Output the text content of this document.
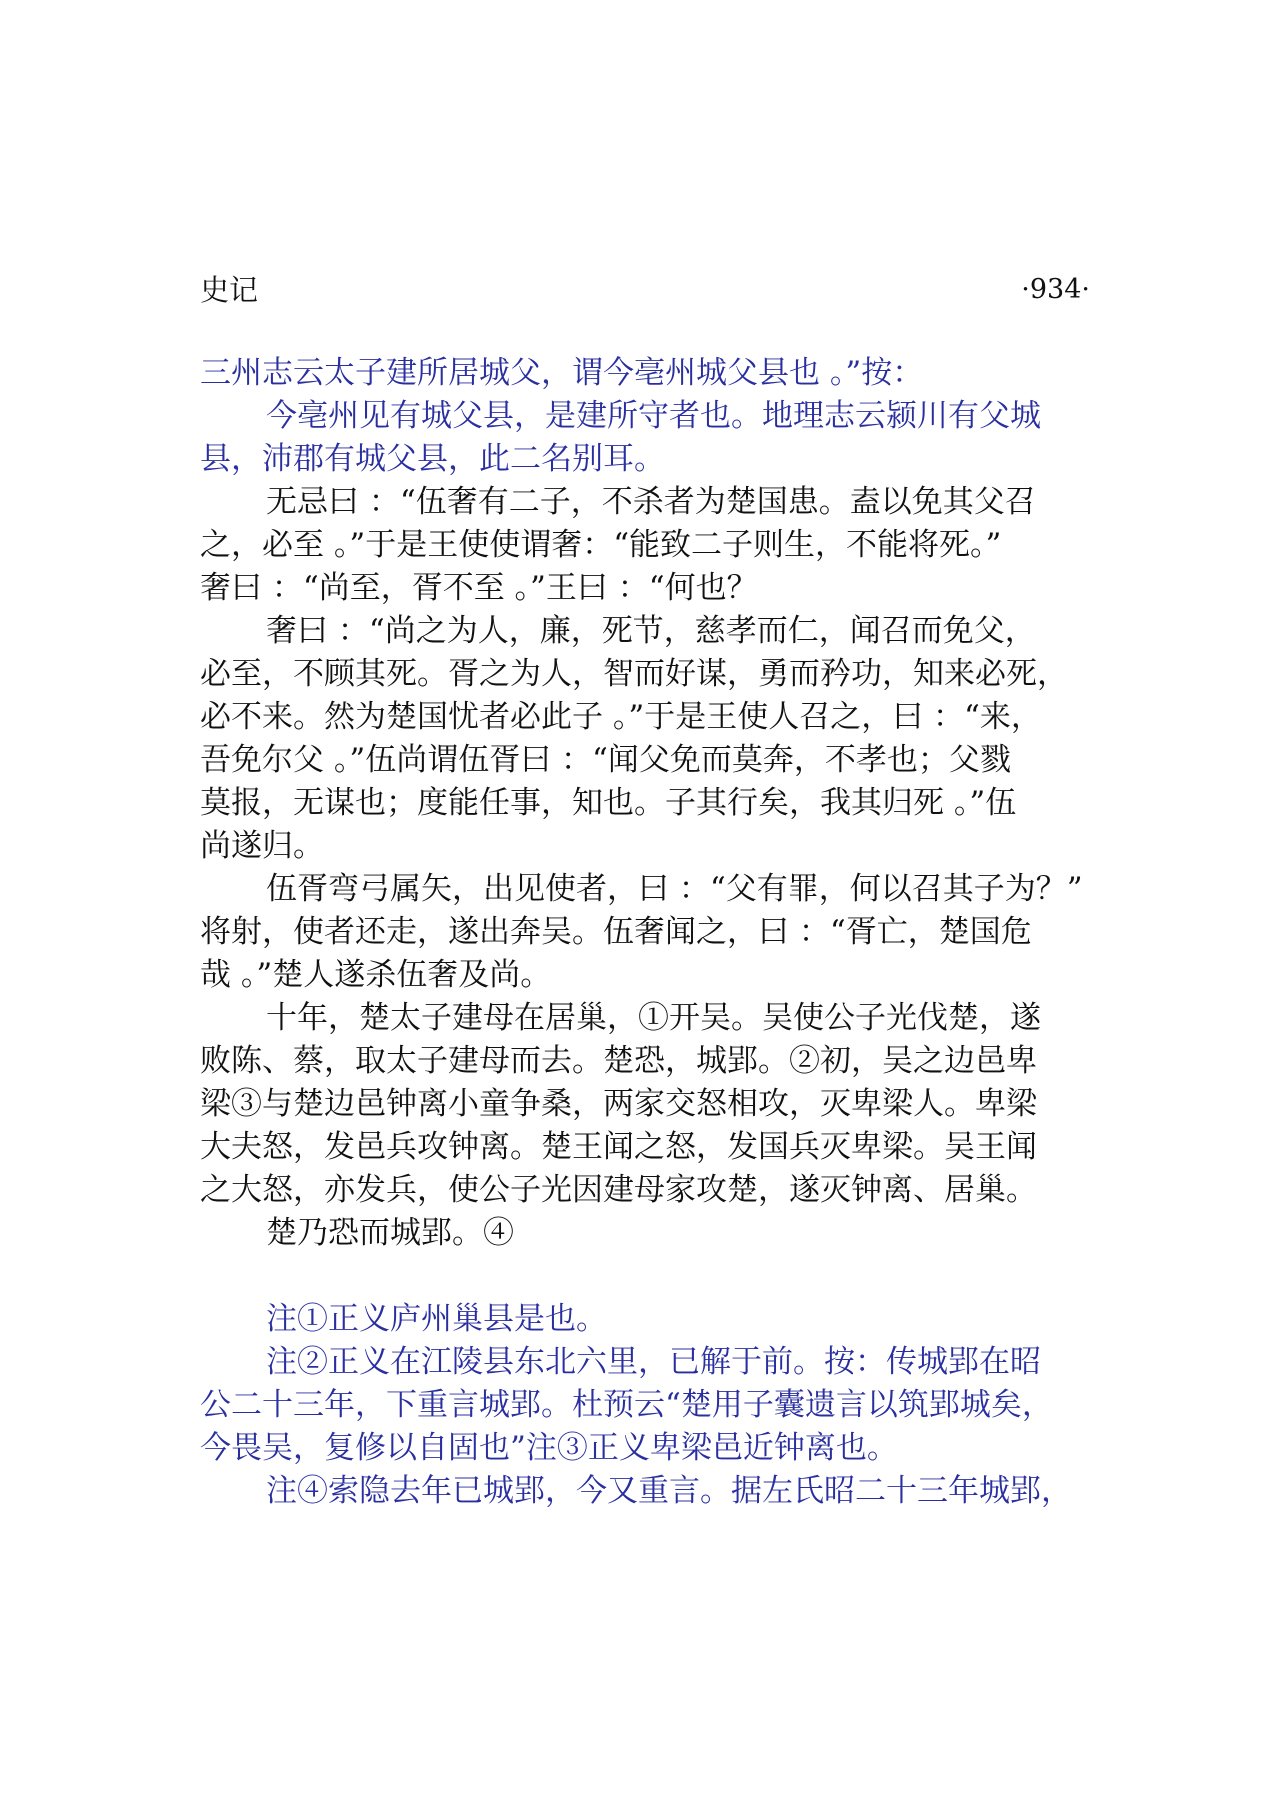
史记	·934·
三州志云太子建所居城父，谓今亳州城父县也 。”按：
今亳州见有城父县，是建所守者也。地理志云颍川有父城
县，沛郡有城父县，此二名别耳。
无忌曰 ：“伍奢有二子，不杀者为楚国患。盍以免其父召
之，必至 。”于是王使使谓奢：“能致二子则生，不能将死。”
奢曰 ：“尚至，胥不至 。”王曰 ：“何也？
奢曰 ：“尚之为人，廉，死节，慈孝而仁，闻召而免父，
必至，不顾其死。胥之为人，智而好谋，勇而矜功，知来必死，
必不来。然为楚国忧者必此子 。”于是王使人召之，曰 ：“来，
吾免尔父 。”伍尚谓伍胥曰 ：“闻父免而莫奔，不孝也；父戮
莫报，无谋也；度能任事，知也。子其行矣，我其归死 。”伍
尚遂归。
伍胥弯弓属矢，出见使者，曰 ：“父有罪，何以召其子为？”
将射，使者还走，遂出奔吴。伍奢闻之，曰 ：“胥亡，楚国危
哉 。”楚人遂杀伍奢及尚。
十年，楚太子建母在居巢，①开吴。吴使公子光伐楚，遂
败陈、蔡，取太子建母而去。楚恐，城郢。②初，吴之边邑卑
梁③与楚边邑钟离小童争桑，两家交怒相攻，灭卑梁人。卑梁
大夫怒，发邑兵攻钟离。楚王闻之怒，发国兵灭卑梁。吴王闻
之大怒，亦发兵，使公子光因建母家攻楚，遂灭钟离、居巢。
楚乃恐而城郢。④
注①正义庐州巢县是也。
注②正义在江陵县东北六里，已解于前。按：传城郢在昭
公二十三年，下重言城郢。杜预云“楚用子囊遗言以筑郢城矣，
今畏吴，复修以自固也”注③正义卑梁邑近钟离也。
注④索隐去年已城郢，今又重言。据左氏昭二十三年城郢，
